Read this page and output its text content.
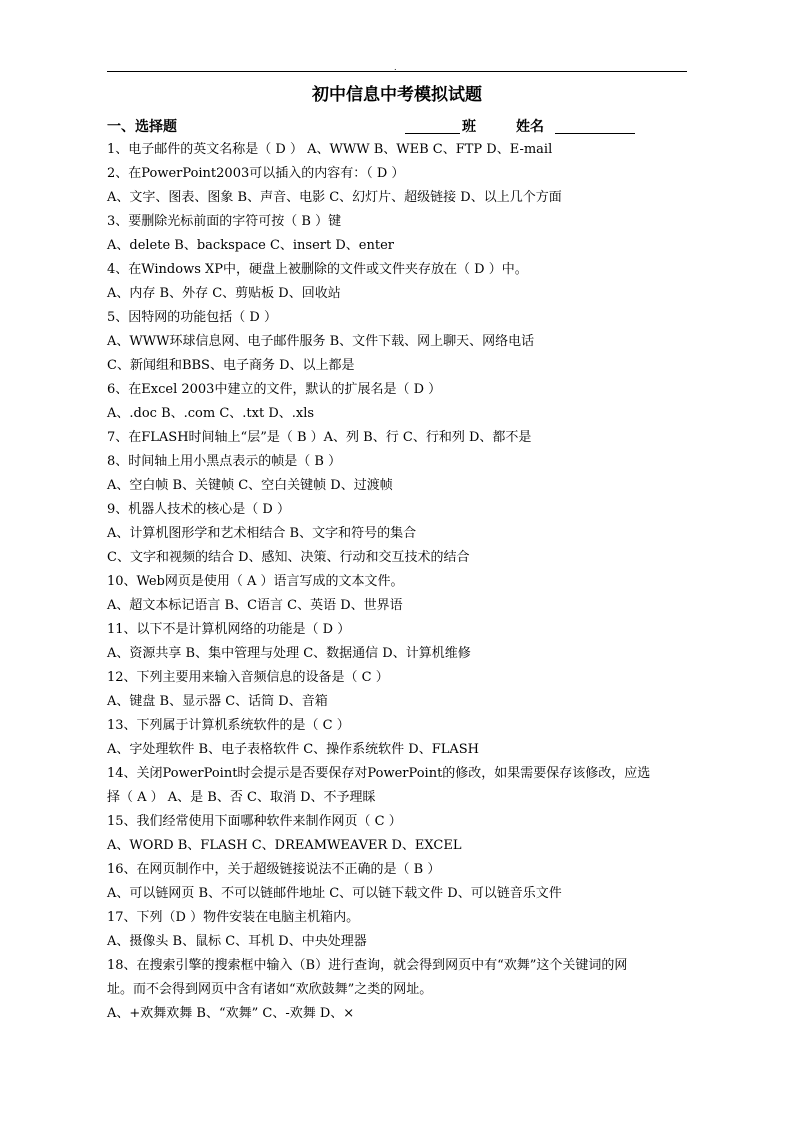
.
初中信息中考模拟试题
一、选择题	班	姓名
1、电子邮件的英文名称是（ D ） A、WWW B、WEB C、FTP D、E-mail
2、在PowerPoint2003可以插入的内容有：（ D ）
A、文字、图表、图象 B、声音、电影 C、幻灯片、超级链接 D、以上几个方面
3、要删除光标前面的字符可按（ B ）键
A、delete B、backspace C、insert D、enter
4、在Windows XP中，硬盘上被删除的文件或文件夹存放在（ D ）中。
A、内存 B、外存 C、剪贴板 D、回收站
5、因特网的功能包括（ D ）
A、WWW环球信息网、电子邮件服务 B、文件下载、网上聊天、网络电话
C、新闻组和BBS、电子商务 D、以上都是
6、在Excel 2003中建立的文件，默认的扩展名是（ D ）
A、.doc B、.com C、.txt D、.xls
7、在FLASH时间轴上“层”是（ B ）A、列 B、行 C、行和列 D、都不是
8、时间轴上用小黑点表示的帧是（ B ）
A、空白帧 B、关键帧 C、空白关键帧 D、过渡帧
9、机器人技术的核心是（ D ）
A、计算机图形学和艺术相结合 B、文字和符号的集合
C、文字和视频的结合 D、感知、决策、行动和交互技术的结合
10、Web网页是使用（ A ）语言写成的文本文件。
A、超文本标记语言 B、C语言 C、英语 D、世界语
11、以下不是计算机网络的功能是（ D ）
A、资源共享 B、集中管理与处理 C、数据通信 D、计算机维修
12、下列主要用来输入音频信息的设备是（ C ）
A、键盘 B、显示器 C、话筒 D、音箱
13、下列属于计算机系统软件的是（ C ）
A、字处理软件 B、电子表格软件 C、操作系统软件 D、FLASH
14、关闭PowerPoint时会提示是否要保存对PowerPoint的修改，如果需要保存该修改，应选
择（ A ） A、是 B、否 C、取消 D、不予理睬
15、我们经常使用下面哪种软件来制作网页（ C ）
A、WORD B、FLASH C、DREAMWEAVER D、EXCEL
16、在网页制作中，关于超级链接说法不正确的是（ B ）
A、可以链网页 B、不可以链邮件地址 C、可以链下载文件 D、可以链音乐文件
17、下列（D ）物件安装在电脑主机箱内。
A、摄像头 B、鼠标 C、耳机 D、中央处理器
18、在搜索引擎的搜索框中输入（B）进行查询，就会得到网页中有“欢舞”这个关键词的网
址。而不会得到网页中含有诸如“欢欣鼓舞”之类的网址。
A、+欢舞欢舞 B、“欢舞” C、-欢舞 D、×
